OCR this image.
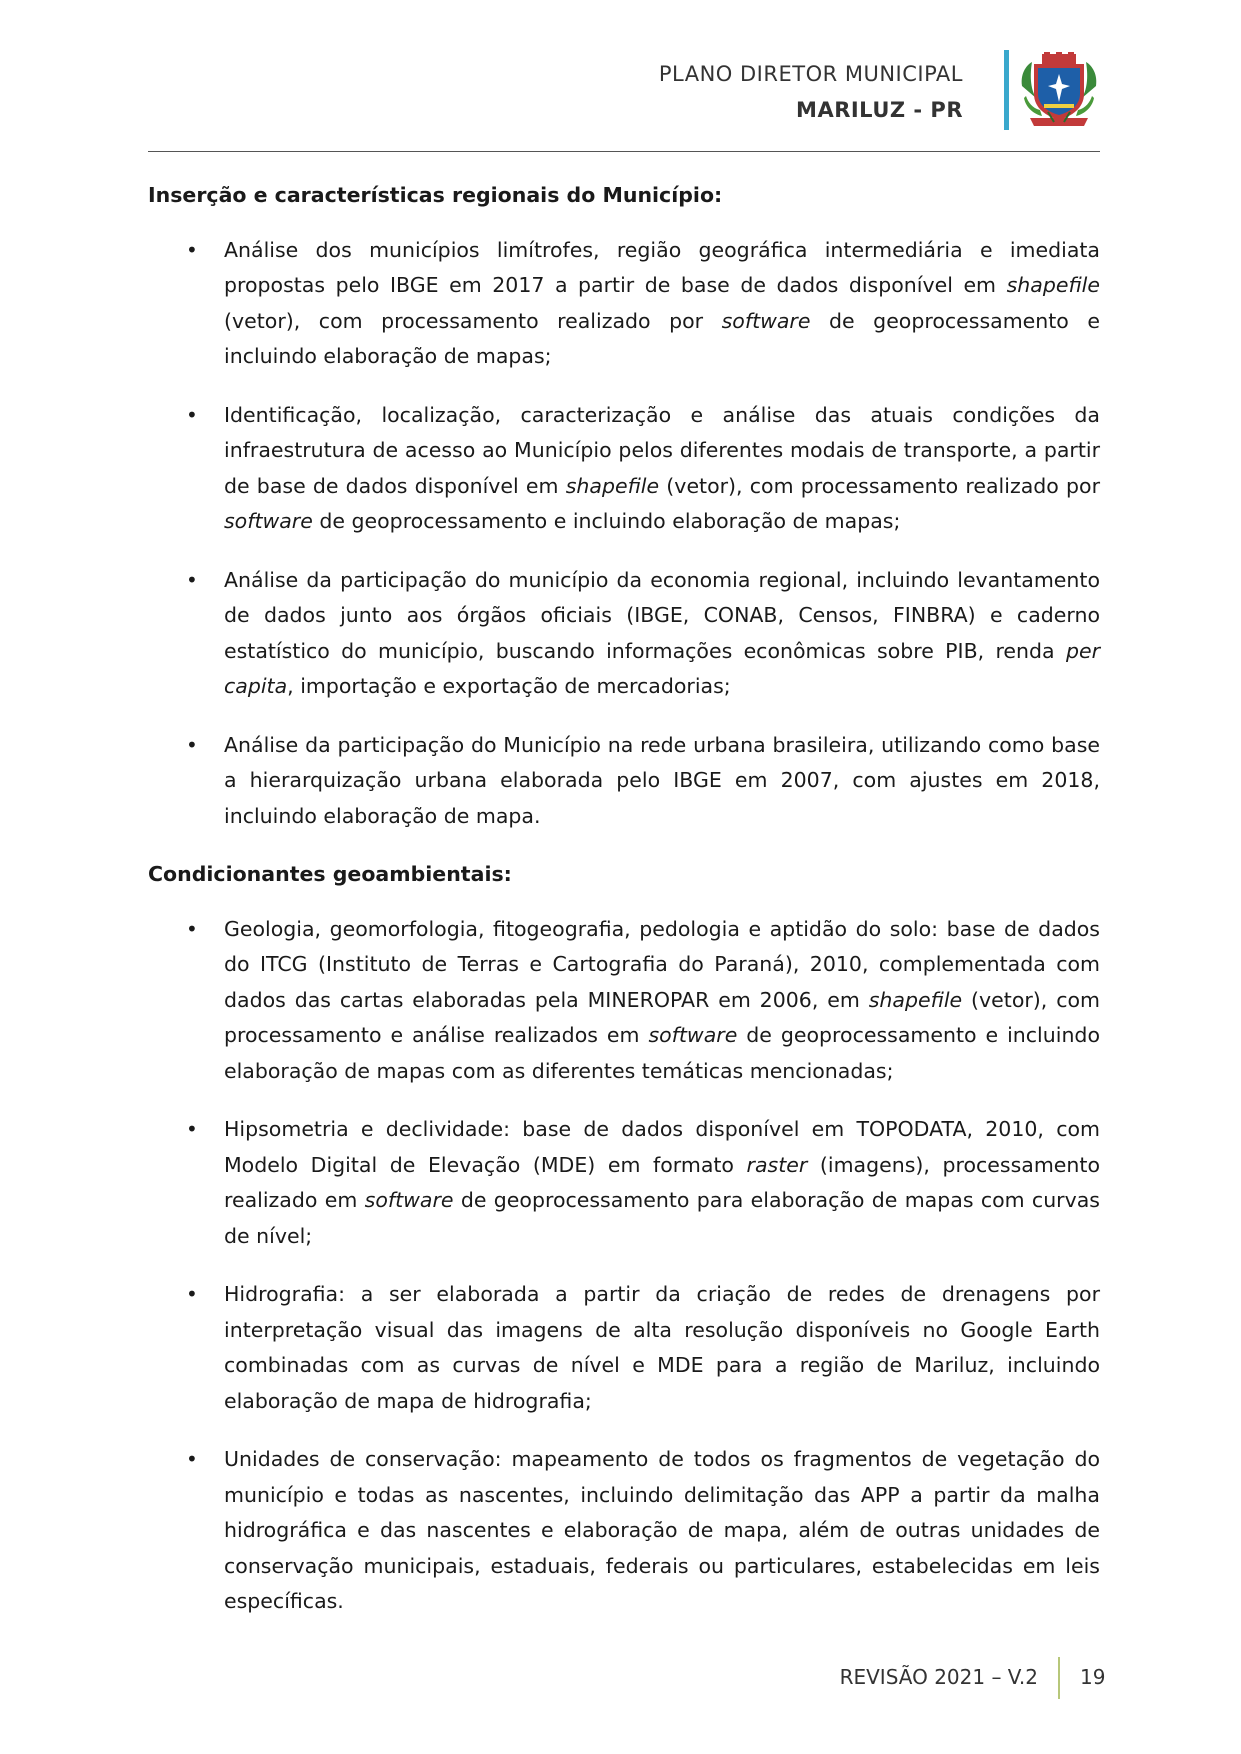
PLANO DIRETOR MUNICIPAL
MARILUZ - PR
Inserção e características regionais do Município:
• Análise dos municípios limítrofes, região geográfica intermediária e imediata propostas pelo IBGE em 2017 a partir de base de dados disponível em shapefile (vetor), com processamento realizado por software de geoprocessamento e incluindo elaboração de mapas;
• Identificação, localização, caracterização e análise das atuais condições da infraestrutura de acesso ao Município pelos diferentes modais de transporte, a partir de base de dados disponível em shapefile (vetor), com processamento realizado por software de geoprocessamento e incluindo elaboração de mapas;
• Análise da participação do município da economia regional, incluindo levantamento de dados junto aos órgãos oficiais (IBGE, CONAB, Censos, FINBRA) e caderno estatístico do município, buscando informações econômicas sobre PIB, renda per capita, importação e exportação de mercadorias;
• Análise da participação do Município na rede urbana brasileira, utilizando como base a hierarquização urbana elaborada pelo IBGE em 2007, com ajustes em 2018, incluindo elaboração de mapa.
Condicionantes geoambientais:
• Geologia, geomorfologia, fitogeografia, pedologia e aptidão do solo: base de dados do ITCG (Instituto de Terras e Cartografia do Paraná), 2010, complementada com dados das cartas elaboradas pela MINEROPAR em 2006, em shapefile (vetor), com processamento e análise realizados em software de geoprocessamento e incluindo elaboração de mapas com as diferentes temáticas mencionadas;
• Hipsometria e declividade: base de dados disponível em TOPODATA, 2010, com Modelo Digital de Elevação (MDE) em formato raster (imagens), processamento realizado em software de geoprocessamento para elaboração de mapas com curvas de nível;
• Hidrografia: a ser elaborada a partir da criação de redes de drenagens por interpretação visual das imagens de alta resolução disponíveis no Google Earth combinadas com as curvas de nível e MDE para a região de Mariluz, incluindo elaboração de mapa de hidrografia;
• Unidades de conservação: mapeamento de todos os fragmentos de vegetação do município e todas as nascentes, incluindo delimitação das APP a partir da malha hidrográfica e das nascentes e elaboração de mapa, além de outras unidades de conservação municipais, estaduais, federais ou particulares, estabelecidas em leis específicas.
REVISÃO 2021 – V.2 19
